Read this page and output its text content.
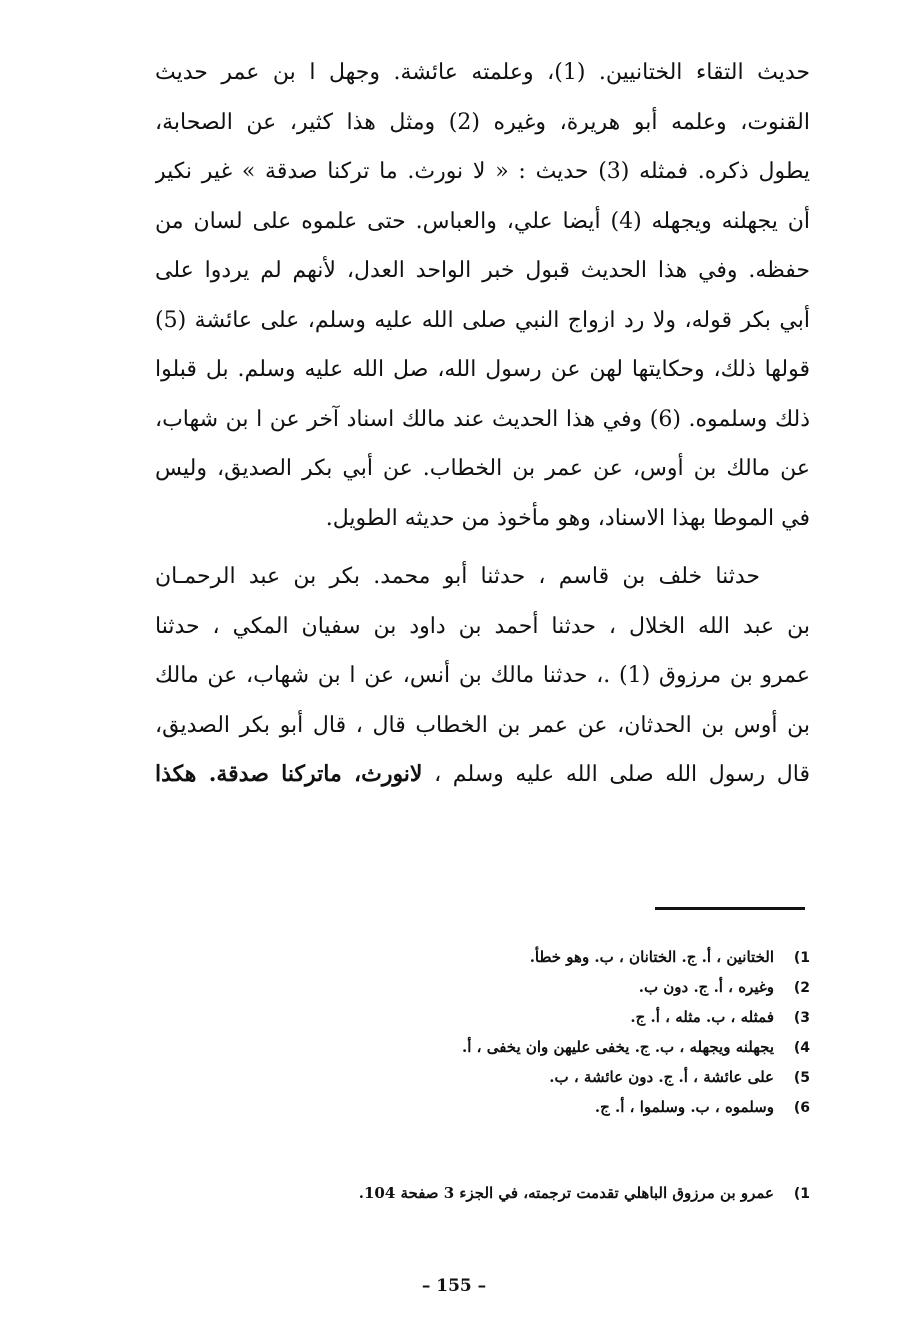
حديث التقاء الختانيين. (1)، وعلمته عائشة. وجهل ا بن عمر حديث
القنوت، وعلمه أبو هريرة، وغيره (2) ومثل هذا كثير، عن الصحابة،
يطول ذكره. فمثله (3) حديث : « لا نورث. ما تركنا صدقة » غير نكير
أن يجهلنه ويجهله (4) أيضا علي، والعباس. حتى علموه على لسان من
حفظه. وفي هذا الحديث قبول خبر الواحد العدل، لأنهم لم يردوا على
أبي بكر قوله، ولا رد ازواج النبي صلى الله عليه وسلم، على عائشة (5)
قولها ذلك، وحكايتها لهن عن رسول الله، صل الله عليه وسلم. بل قبلوا
ذلك وسلموه. (6) وفي هذا الحديث عند مالك اسناد آخر عن ا بن شهاب،
عن مالك بن أوس، عن عمر بن الخطاب. عن أبي بكر الصديق، وليس
في الموطا بهذا الاسناد، وهو مأخوذ من حديثه الطويل.
حدثنا خلف بن قاسم ، حدثنا أبو محمد. بكر بن عبد الرحمـان
بن عبد الله الخلال ، حدثنا أحمد بن داود بن سفيان المكي ، حدثنا
عمرو بن مرزوق (1) .، حدثنا مالك بن أنس، عن ا بن شهاب، عن مالك
بن أوس بن الحدثان، عن عمر بن الخطاب قال ، قال أبو بكر الصديق،
قال رسول الله صلى الله عليه وسلم ، لانورث، ماتركنا صدقة. هكذا
1)
الختانين ، أ. ج. الختانان ، ب. وهو خطأ.
2)
وغيره ، أ. ج. دون ب.
3)
فمثله ، ب. مثله ، أ. ج.
4)
يجهلنه ويجهله ، ب. ج. يخفى عليهن وان يخفى ، أ.
5)
على عائشة ، أ. ج. دون عائشة ، ب.
6)
وسلموه ، ب. وسلموا ، أ. ج.
1)
عمرو بن مرزوق الباهلي تقدمت ترجمته، في الجزء 3 صفحة 104.
– 155 –
